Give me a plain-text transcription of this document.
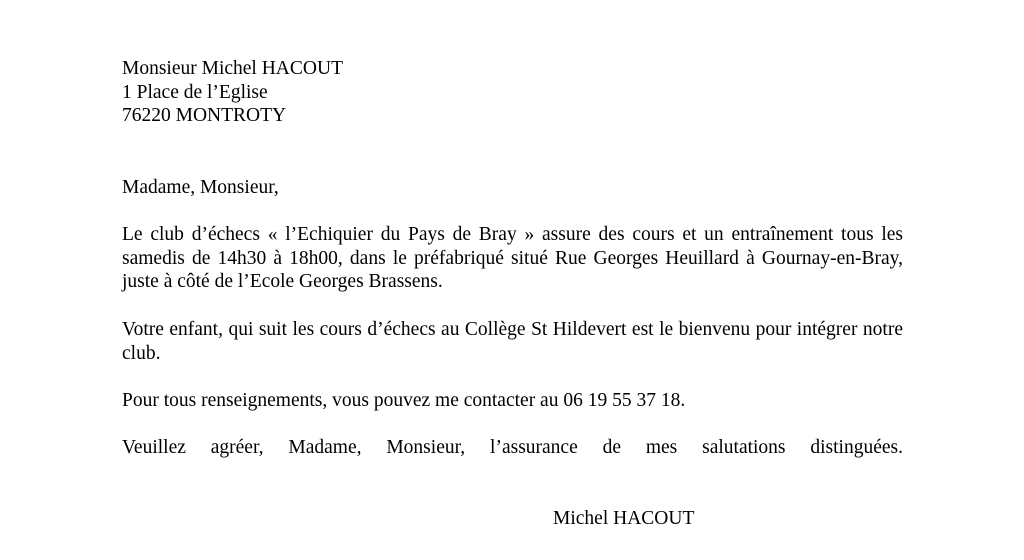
Monsieur Michel HACOUT
1 Place de l’Eglise
76220 MONTROTY
Madame, Monsieur,
Le club d’échecs « l’Echiquier du Pays de Bray » assure des cours et un entraînement tous les samedis de 14h30 à 18h00, dans le préfabriqué situé Rue Georges Heuillard à Gournay-en-Bray, juste à côté de l’Ecole Georges Brassens.
Votre enfant, qui suit les cours d’échecs au Collège St Hildevert est le bienvenu pour intégrer notre club.
Pour tous renseignements, vous pouvez me contacter au 06 19 55 37 18.
Veuillez agréer, Madame, Monsieur, l’assurance de mes salutations distinguées.
Michel HACOUT
